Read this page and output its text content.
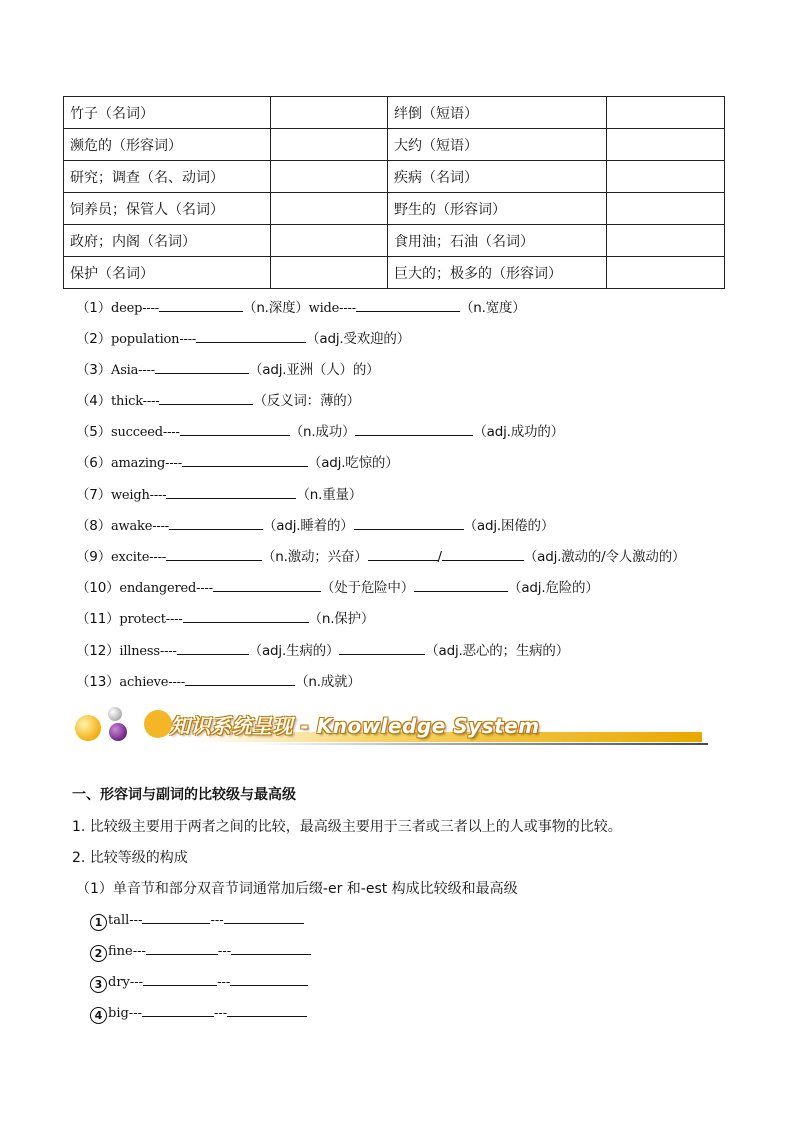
竹子（名词）		绊倒（短语）	
濒危的（形容词）		大约（短语）	
研究；调查（名、动词）		疾病（名词）	
饲养员；保管人（名词）		野生的（形容词）	
政府；内阁（名词）		食用油；石油（名词）	
保护（名词）		巨大的；极多的（形容词）	
（1）deep----	（n.深度）wide----	（n.宽度）
（2）population----	（adj.受欢迎的）
（3）Asia----	（adj.亚洲（人）的）
（4）thick----	（反义词：薄的）
（5）succeed----	（n.成功）	（adj.成功的）
（6）amazing----	（adj.吃惊的）
（7）weigh----	（n.重量）
（8）awake----	（adj.睡着的）	（adj.困倦的）
（9）excite----	（n.激动；兴奋）	/	（adj.激动的/令人激动的）
（10）endangered----	（处于危险中）	（adj.危险的）
（11）protect----	（n.保护）
（12）illness----	（adj.生病的）	（adj.恶心的；生病的）
（13）achieve----	（n.成就）
知识系统呈现 - Knowledge System
一、形容词与副词的比较级与最高级
1. 比较级主要用于两者之间的比较，最高级主要用于三者或三者以上的人或事物的比较。
2. 比较等级的构成
（1）单音节和部分双音节词通常加后缀-er 和-est 构成比较级和最高级
1 tall---	---
2 fine---	---
3 dry---	---
4 big---	---
